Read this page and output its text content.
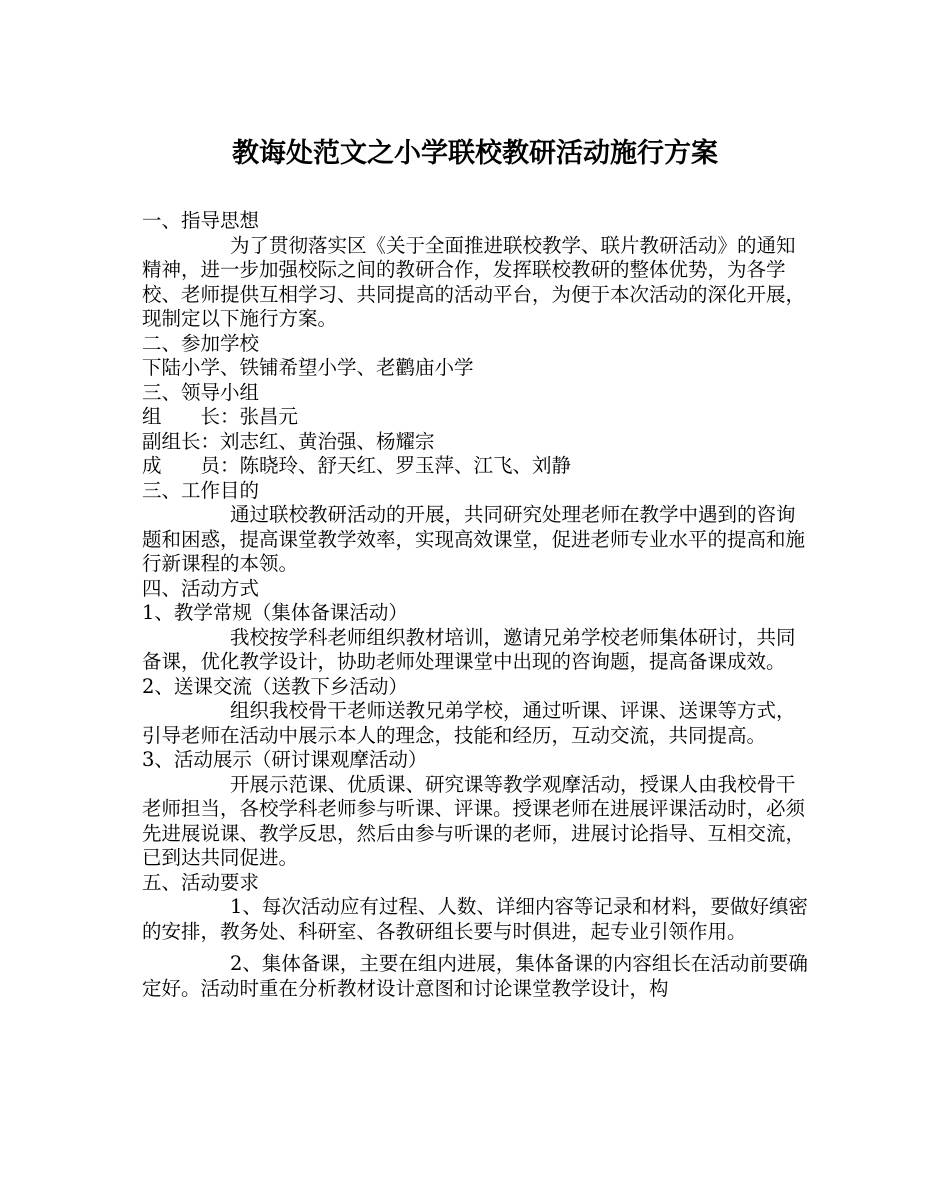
教诲处范文之小学联校教研活动施行方案

一、指导思想

为了贯彻落实区《关于全面推进联校教学、联片教研活动》的通知精神，进一步加强校际之间的教研合作，发挥联校教研的整体优势，为各学校、老师提供互相学习、共同提高的活动平台，为便于本次活动的深化开展，现制定以下施行方案。

二、参加学校

下陆小学、铁铺希望小学、老鹳庙小学

三、领导小组

组　　长：张昌元

副组长：刘志红、黄治强、杨耀宗

成　　员：陈晓玲、舒天红、罗玉萍、江飞、刘静

三、工作目的

通过联校教研活动的开展，共同研究处理老师在教学中遇到的咨询题和困惑，提高课堂教学效率，实现高效课堂，促进老师专业水平的提高和施行新课程的本领。

四、活动方式

1、教学常规（集体备课活动）

我校按学科老师组织教材培训，邀请兄弟学校老师集体研讨，共同备课，优化教学设计，协助老师处理课堂中出现的咨询题，提高备课成效。

2、送课交流（送教下乡活动）

组织我校骨干老师送教兄弟学校，通过听课、评课、送课等方式，引导老师在活动中展示本人的理念，技能和经历，互动交流，共同提高。

3、活动展示（研讨课观摩活动）

开展示范课、优质课、研究课等教学观摩活动，授课人由我校骨干老师担当，各校学科老师参与听课、评课。授课老师在进展评课活动时，必须先进展说课、教学反思，然后由参与听课的老师，进展讨论指导、互相交流，已到达共同促进。

五、活动要求

1、每次活动应有过程、人数、详细内容等记录和材料，要做好缜密的安排，教务处、科研室、各教研组长要与时俱进，起专业引领作用。

2、集体备课，主要在组内进展，集体备课的内容组长在活动前要确定好。活动时重在分析教材设计意图和讨论课堂教学设计，构
